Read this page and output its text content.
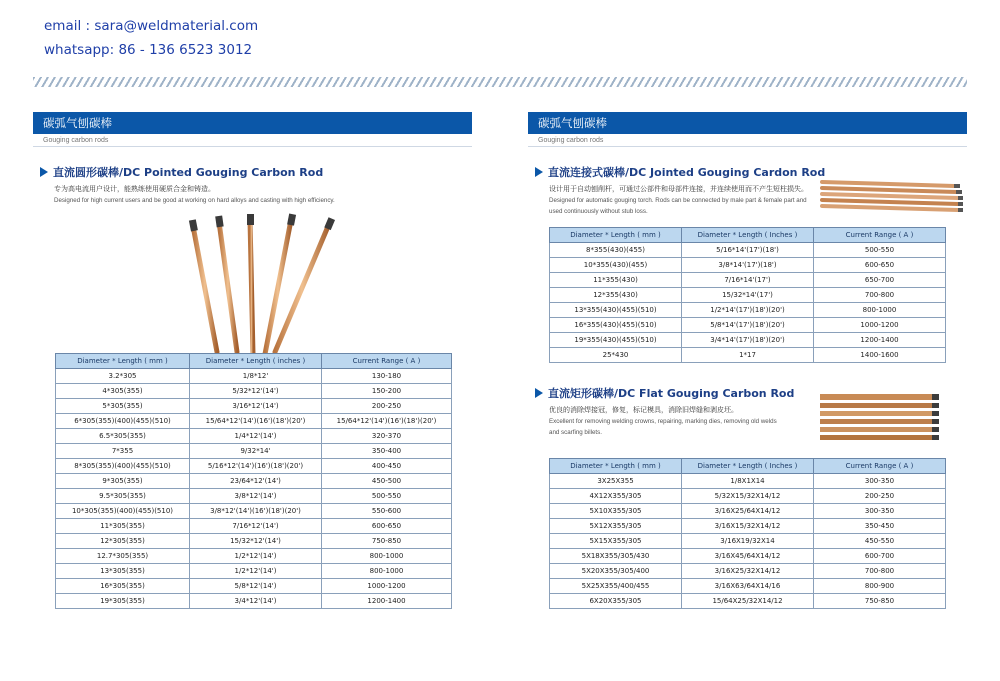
email : sara@weldmaterial.com
whatsapp: 86 - 136 6523 3012
碳弧气刨碳棒
Gouging carbon rods
直流圆形碳棒/DC Pointed Gouging Carbon Rod
专为高电流用户设计，能熟练使用硬质合金和铸造。
Designed for high current users and be good at working on hard alloys and casting with high efficiency.
Diameter * Length ( mm )	Diameter * Length ( inches )	Current Range ( A )
3.2*305	1/8*12'	130-180
4*305(355)	5/32*12'(14')	150-200
5*305(355)	3/16*12'(14')	200-250
6*305(355)(400)(455)(510)	15/64*12'(14')(16')(18')(20')	15/64*12'(14')(16')(18')(20')
6.5*305(355)	1/4*12'(14')	320-370
7*355	9/32*14'	350-400
8*305(355)(400)(455)(510)	5/16*12'(14')(16')(18')(20')	400-450
9*305(355)	23/64*12'(14')	450-500
9.5*305(355)	3/8*12'(14')	500-550
10*305(355)(400)(455)(510)	3/8*12'(14')(16')(18')(20')	550-600
11*305(355)	7/16*12'(14')	600-650
12*305(355)	15/32*12'(14')	750-850
12.7*305(355)	1/2*12'(14')	800-1000
13*305(355)	1/2*12'(14')	800-1000
16*305(355)	5/8*12'(14')	1000-1200
19*305(355)	3/4*12'(14')	1200-1400
碳弧气刨碳棒
Gouging carbon rods
直流连接式碳棒/DC Jointed Gouging Cardon Rod
设计用于自动刨削杆，可通过公部件和母部件连接，并连续使用而不产生短柱损失。
Designed for automatic gouging torch. Rods can be connected by male part & female part and used continuously without stub loss.
Diameter * Length ( mm )	Diameter * Length ( Inches )	Current Range ( A )
8*355(430)(455)	5/16*14'(17')(18')	500-550
10*355(430)(455)	3/8*14'(17')(18')	600-650
11*355(430)	7/16*14'(17')	650-700
12*355(430)	15/32*14'(17')	700-800
13*355(430)(455)(510)	1/2*14'(17')(18')(20')	800-1000
16*355(430)(455)(510)	5/8*14'(17')(18')(20')	1000-1200
19*355(430)(455)(510)	3/4*14'(17')(18')(20')	1200-1400
25*430	1*17	1400-1600
直流矩形碳棒/DC Flat Gouging Carbon Rod
优良的消除焊接冠，修复，标记模具，消除旧焊缝和剥皮坯。
Excellent for removing welding crowns, repairing, marking dies, removing old welds and scarfing billets.
Diameter * Length ( mm )	Diameter * Length ( Inches )	Current Range ( A )
3X25X355	1/8X1X14	300-350
4X12X355/305	5/32X15/32X14/12	200-250
5X10X355/305	3/16X25/64X14/12	300-350
5X12X355/305	3/16X15/32X14/12	350-450
5X15X355/305	3/16X19/32X14	450-550
5X18X355/305/430	3/16X45/64X14/12	600-700
5X20X355/305/400	3/16X25/32X14/12	700-800
5X25X355/400/455	3/16X63/64X14/16	800-900
6X20X355/305	15/64X25/32X14/12	750-850
